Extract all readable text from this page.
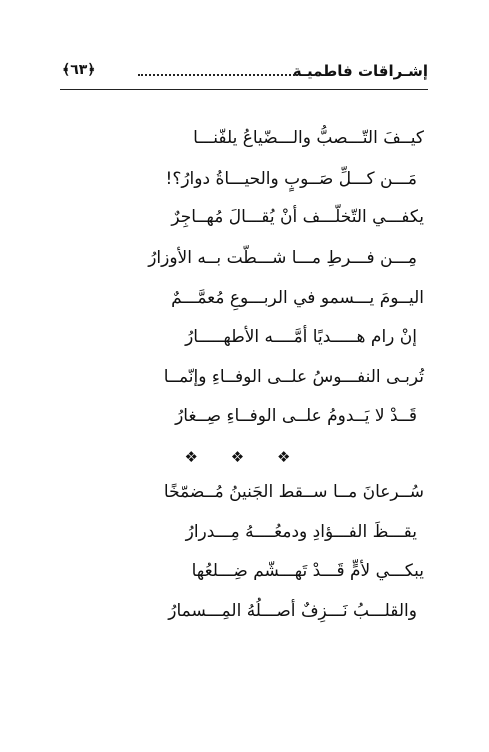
إشـراقات فاطميـة
﴿٦٣﴾
كيــفَ التّـــصبُّ والـــضّياعُ يلفّنـــا
مَـــن كـــلِّ صَــوبٍ والحيـــاةُ دوارُ؟!
يكفـــي التّخلّـــف أنْ يُقـــالَ مُهــاجِرٌ
مِـــن فـــرطِ مـــا شـــطّت بــه الأوزارُ
اليــومَ يـــسمو في الربـــوعِ مُعمَّـــمٌ
إنْ رام هـــــديًا أمَّــــه الأطهـــــارُ
تُربـى النفـــوسُ علــى الوفــاءِ وإنّمــا
قَــدْ لا يَــدومُ علــى الوفــاءِ صِــغارُ
❖ ❖ ❖
سُــرعانَ مــا ســقط الجَنينُ مُــضمّخًا
يقـــظَ الفـــؤادِ ودمعُــــهُ مِـــدرارُ
يبكـــي لأمٍّ قَـــدْ تَهـــشّم ضِـــلعُها
والقلـــبُ نَـــزِفٌ أصـــلُهُ المِـــسمارُ
